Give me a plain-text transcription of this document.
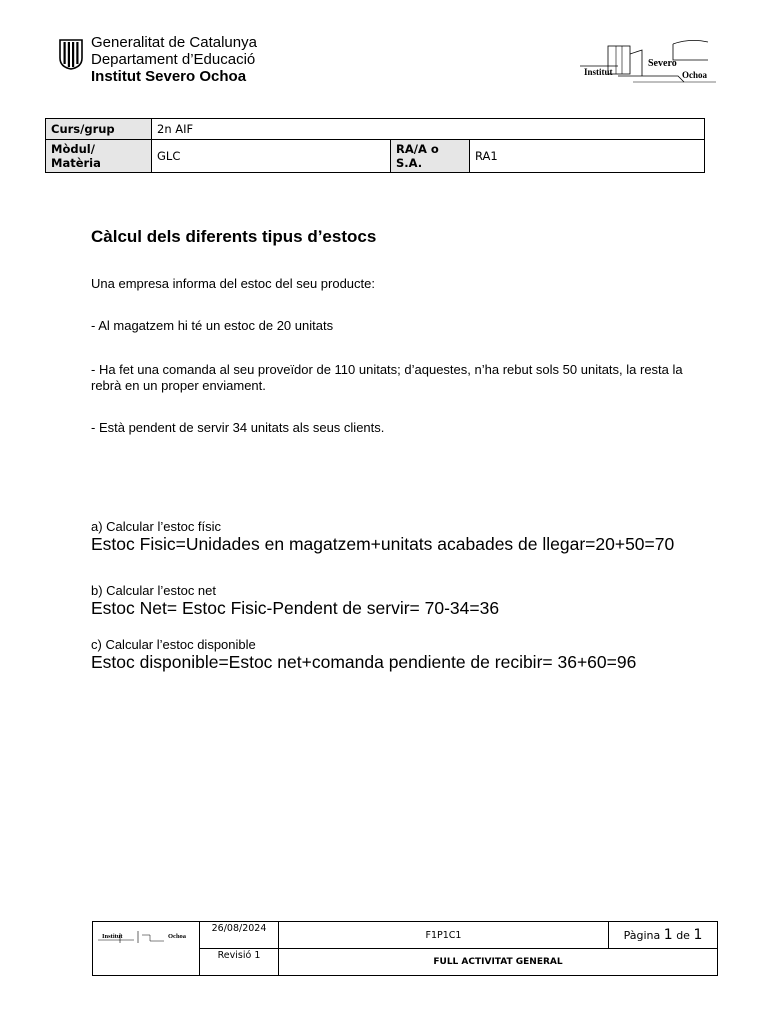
Generalitat de Catalunya
Departament d’Educació
Institut Severo Ochoa	Institut
Severo
Ochoa
Curs/grup	2n AIF		
Mòdul/ Matèria	GLC	RA/A o S.A.	RA1
Càlcul dels diferents tipus d’estocs
Una empresa informa del estoc del seu producte:
- Al magatzem hi té un estoc de 20 unitats
- Ha fet una comanda al seu proveïdor de 110 unitats; d’aquestes, n’ha rebut sols 50 unitats, la resta la rebrà en un proper enviament.
- Està pendent de servir 34 unitats als seus clients.
a) Calcular l’estoc físic
Estoc Fisic=Unidades en magatzem+unitats acabades de llegar=20+50=70
b) Calcular l’estoc net
Estoc Net= Estoc Fisic-Pendent de servir= 70-34=36
c) Calcular l’estoc disponible
Estoc disponible=Estoc net+comanda pendiente de recibir= 36+60=96
Institut Ochoa	26/08/2024	F1P1C1	Pàgina 1 de 1
	Revisió 1	FULL ACTIVITAT GENERAL	
